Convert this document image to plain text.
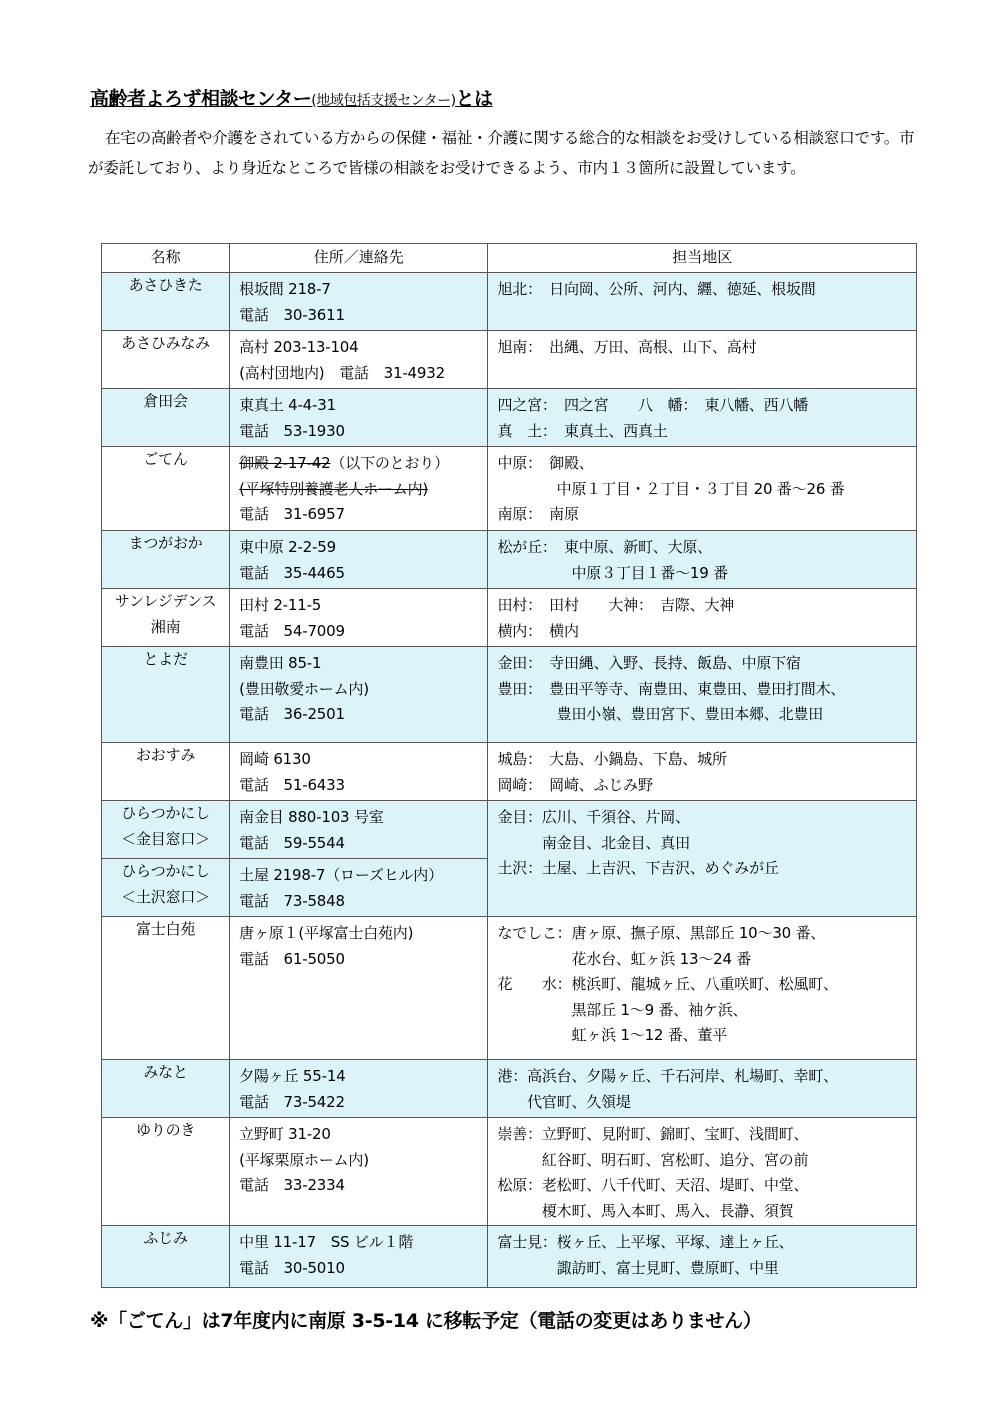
高齢者よろず相談センター(地域包括支援センター)とは
在宅の高齢者や介護をされている方からの保健・福祉・介護に関する総合的な相談をお受けしている相談窓口です。市が委託しており、より身近なところで皆様の相談をお受けできるよう、市内１３箇所に設置しています。
名称	住所／連絡先	担当地区

あさひきた	根坂間 218-7
電話　30-3611	旭北：　日向岡、公所、河内、纒、徳延、根坂間

あさひみなみ	高村 203-13-104
(高村団地内)　電話　31-4932	旭南：　出縄、万田、高根、山下、高村

倉田会	東真土 4-4-31
電話　53-1930	四之宮：　四之宮　　八　幡：　東八幡、西八幡
真　土：　東真土、西真土

ごてん	御殿 2-17-42（以下のとおり）
(平塚特別養護老人ホーム内)
電話　31-6957	中原：　御殿、
　　　　中原１丁目・２丁目・３丁目 20 番～26 番
南原：　南原

まつがおか	東中原 2-2-59
電話　35-4465	松が丘：　東中原、新町、大原、
　　　　　中原３丁目１番～19 番

サンレジデンス
湘南	田村 2-11-5
電話　54-7009	田村：　田村　　大神：　吉際、大神
横内：　横内

とよだ	南豊田 85-1
(豊田敬愛ホーム内)
電話　36-2501	金田：　寺田縄、入野、長持、飯島、中原下宿
豊田：　豊田平等寺、南豊田、東豊田、豊田打間木、
　　　　豊田小嶺、豊田宮下、豊田本郷、北豊田

おおすみ	岡崎 6130
電話　51-6433	城島：　大島、小鍋島、下島、城所
岡崎：　岡崎、ふじみ野

ひらつかにし
＜金目窓口＞	南金目 880-103 号室
電話　59-5544	金目：広川、千須谷、片岡、
　　　南金目、北金目、真田
土沢：土屋、上吉沢、下吉沢、めぐみが丘

ひらつかにし
＜土沢窓口＞	土屋 2198-7（ローズヒル内）
電話　73-5848	

富士白苑	唐ヶ原１(平塚富士白苑内)
電話　61-5050	なでしこ：唐ヶ原、撫子原、黒部丘 10～30 番、
　　　　　花水台、虹ヶ浜 13～24 番
花　　水：桃浜町、龍城ヶ丘、八重咲町、松風町、
　　　　　黒部丘 1～9 番、袖ケ浜、
　　　　　虹ヶ浜 1～12 番、董平

みなと	夕陽ヶ丘 55-14
電話　73-5422	港：高浜台、夕陽ヶ丘、千石河岸、札場町、幸町、
　　代官町、久領堤

ゆりのき	立野町 31-20
(平塚栗原ホーム内)
電話　33-2334	崇善：立野町、見附町、錦町、宝町、浅間町、
　　　紅谷町、明石町、宮松町、追分、宮の前
松原：老松町、八千代町、天沼、堤町、中堂、
　　　榎木町、馬入本町、馬入、長瀞、須賀

ふじみ	中里 11-17　SS ビル１階
電話　30-5010	富士見：桜ヶ丘、上平塚、平塚、達上ヶ丘、
　　　　諏訪町、富士見町、豊原町、中里
※「ごてん」は7年度内に南原 3-5-14 に移転予定（電話の変更はありません）
